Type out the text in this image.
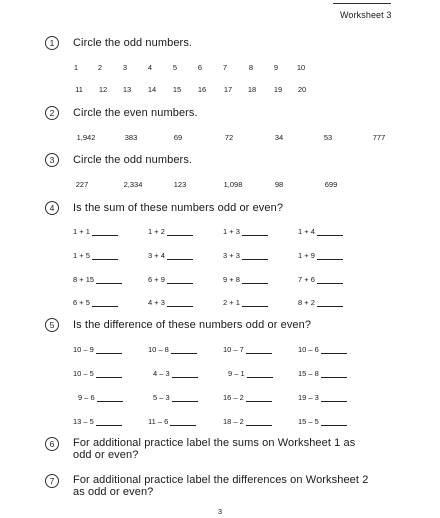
Worksheet 3
1	Circle the odd numbers.
1	2	3	4	5	6	7	8	9 10
11 12 13 14 15 16 17 18 19 20
2	Circle the even numbers.
1,942	383	69	72	34	53	777
3	Circle the odd numbers.
227	2,334	123	1,098	98	699
4	Is the sum of these numbers odd or even?
1 + 1	1 + 2	1 + 3	1 + 4
1 + 5	3 + 4	3 + 3	1 + 9
8 + 15	6 + 9	9 + 8	7 + 6
6 + 5	4 + 3	2 + 1	8 + 2
5	Is the difference of these numbers odd or even?
10 – 9	10 – 8	10 – 7	10 – 6
10 – 5	4 – 3	9 – 1	15 – 8
9 – 6	5 – 3	16 – 2	19 – 3
13 – 5	11 – 6	18 – 2	15 – 5
6	For additional practice label the sums on Worksheet 1 as
odd or even?
7	For additional practice label the differences on Worksheet 2
as odd or even?
3
